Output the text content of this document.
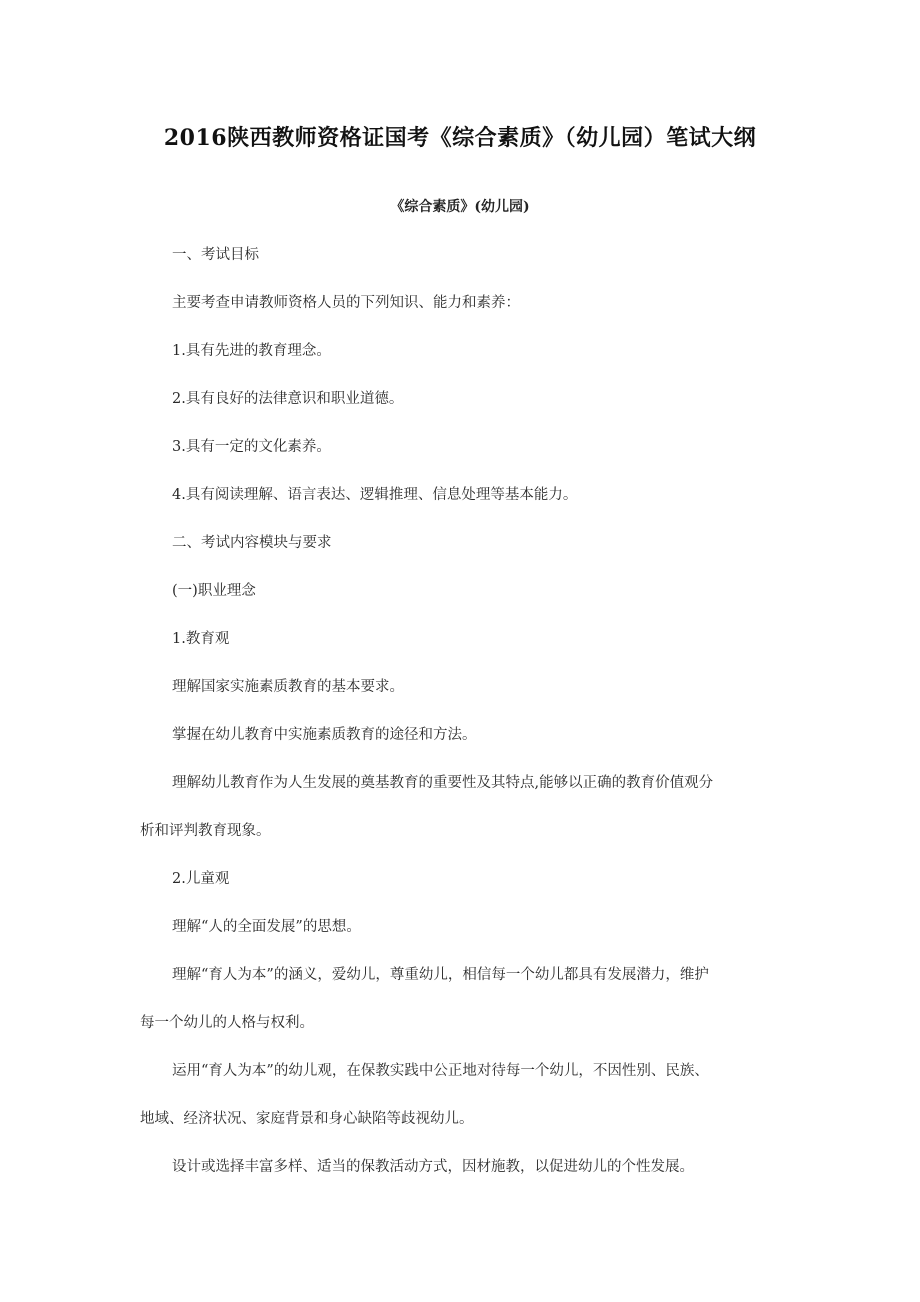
2016陕西教师资格证国考《综合素质》（幼儿园）笔试大纲

《综合素质》(幼儿园)

一、考试目标

主要考查申请教师资格人员的下列知识、能力和素养：

1.具有先进的教育理念。

2.具有良好的法律意识和职业道德。

3.具有一定的文化素养。

4.具有阅读理解、语言表达、逻辑推理、信息处理等基本能力。

二、考试内容模块与要求

(一)职业理念

1.教育观

理解国家实施素质教育的基本要求。

掌握在幼儿教育中实施素质教育的途径和方法。

理解幼儿教育作为人生发展的奠基教育的重要性及其特点,能够以正确的教育价值观分

析和评判教育现象。

2.儿童观

理解“人的全面发展”的思想。

理解“育人为本”的涵义，爱幼儿，尊重幼儿，相信每一个幼儿都具有发展潜力，维护

每一个幼儿的人格与权利。

运用“育人为本”的幼儿观，在保教实践中公正地对待每一个幼儿，不因性别、民族、

地域、经济状况、家庭背景和身心缺陷等歧视幼儿。

设计或选择丰富多样、适当的保教活动方式，因材施教，以促进幼儿的个性发展。
